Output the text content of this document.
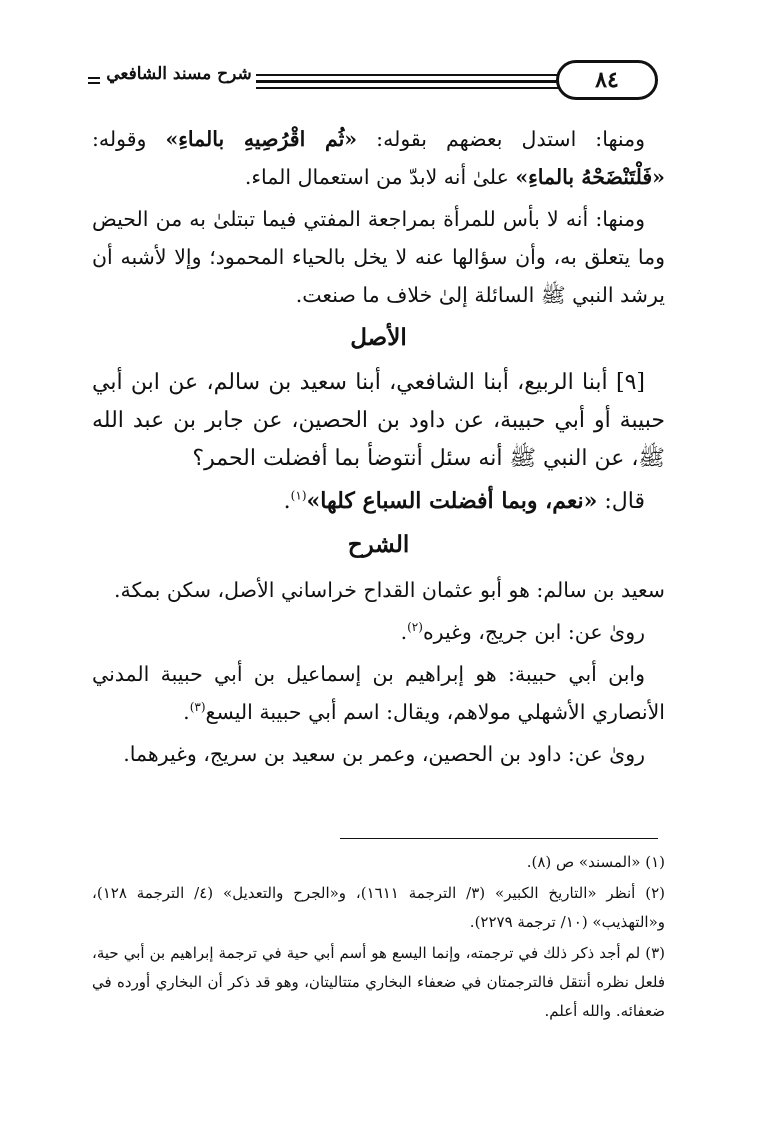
شرح مسند الشافعي	٨٤

ومنها: استدل بعضهم بقوله: «ثُم اقْرُصِيهِ بالماءِ» وقوله: «فَلْتَنْضَحْهُ بالماءِ» علىٰ أنه لابدّ من استعمال الماء.

ومنها: أنه لا بأس للمرأة بمراجعة المفتي فيما تبتلىٰ به من الحيض وما يتعلق به، وأن سؤالها عنه لا يخل بالحياء المحمود؛ وإلا لأشبه أن يرشد النبي ﷺ السائلة إلىٰ خلاف ما صنعت.

الأصل

[٩] أبنا الربيع، أبنا الشافعي، أبنا سعيد بن سالم، عن ابن أبي حبيبة أو أبي حبيبة، عن داود بن الحصين، عن جابر بن عبد الله ﷺ، عن النبي ﷺ أنه سئل أنتوضأ بما أفضلت الحمر؟

قال: «نعم، وبما أفضلت السباع كلها»$^{(١)}$.

الشرح

سعيد بن سالم: هو أبو عثمان القداح خراساني الأصل، سكن بمكة.

روىٰ عن: ابن جريج، وغيره$^{(٢)}$.

وابن أبي حبيبة: هو إبراهيم بن إسماعيل بن أبي حبيبة المدني الأنصاري الأشهلي مولاهم، ويقال: اسم أبي حبيبة اليسع$^{(٣)}$.

روىٰ عن: داود بن الحصين، وعمر بن سعيد بن سريج، وغيرهما.

(١) «المسند» ص (٨).

(٢) أنظر «التاريخ الكبير» (٣/ الترجمة ١٦١١)، و«الجرح والتعديل» (٤/ الترجمة ١٢٨)، و«التهذيب» (١٠/ ترجمة ٢٢٧٩).

(٣) لم أجد ذكر ذلك في ترجمته، وإنما اليسع هو أسم أبي حية في ترجمة إبراهيم بن أبي حية، فلعل نظره أنتقل فالترجمتان في ضعفاء البخاري متتاليتان، وهو قد ذكر أن البخاري أورده في ضعفائه. والله أعلم.
